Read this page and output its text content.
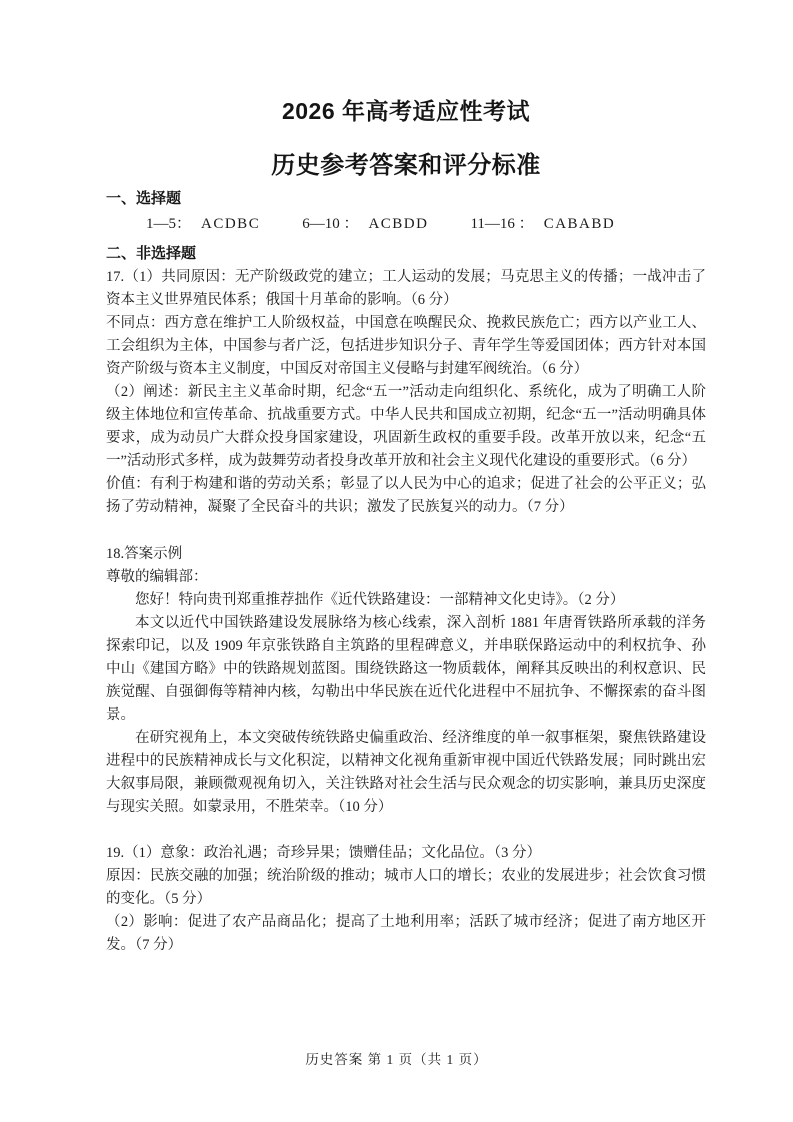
2026 年高考适应性考试
历史参考答案和评分标准
一、选择题
1—5： ACDBC	6—10 ： ACBDD	11—16 ： CABABD
二、非选择题

17.（1）共同原因：无产阶级政党的建立；工人运动的发展；马克思主义的传播；一战冲击了资本主义世界殖民体系；俄国十月革命的影响。（6 分）

不同点：西方意在维护工人阶级权益，中国意在唤醒民众、挽救民族危亡；西方以产业工人、工会组织为主体，中国参与者广泛，包括进步知识分子、青年学生等爱国团体；西方针对本国资产阶级与资本主义制度，中国反对帝国主义侵略与封建军阀统治。（6 分）

（2）阐述：新民主主义革命时期，纪念“五一”活动走向组织化、系统化，成为了明确工人阶级主体地位和宣传革命、抗战重要方式。中华人民共和国成立初期，纪念“五一”活动明确具体要求，成为动员广大群众投身国家建设，巩固新生政权的重要手段。改革开放以来，纪念“五一”活动形式多样，成为鼓舞劳动者投身改革开放和社会主义现代化建设的重要形式。（6 分）

价值：有利于构建和谐的劳动关系；彰显了以人民为中心的追求；促进了社会的公平正义；弘扬了劳动精神，凝聚了全民奋斗的共识；激发了民族复兴的动力。（7 分）

18.答案示例

尊敬的编辑部：

您好！特向贵刊郑重推荐拙作《近代铁路建设：一部精神文化史诗》。（2 分）

本文以近代中国铁路建设发展脉络为核心线索，深入剖析 1881 年唐胥铁路所承载的洋务探索印记，以及 1909 年京张铁路自主筑路的里程碑意义，并串联保路运动中的利权抗争、孙中山《建国方略》中的铁路规划蓝图。围绕铁路这一物质载体，阐释其反映出的利权意识、民族觉醒、自强御侮等精神内核，勾勒出中华民族在近代化进程中不屈抗争、不懈探索的奋斗图景。

在研究视角上，本文突破传统铁路史偏重政治、经济维度的单一叙事框架，聚焦铁路建设进程中的民族精神成长与文化积淀，以精神文化视角重新审视中国近代铁路发展；同时跳出宏大叙事局限，兼顾微观视角切入，关注铁路对社会生活与民众观念的切实影响，兼具历史深度与现实关照。如蒙录用，不胜荣幸。（10 分）

19.（1）意象：政治礼遇；奇珍异果；馈赠佳品；文化品位。（3 分）

原因：民族交融的加强；统治阶级的推动；城市人口的增长；农业的发展进步；社会饮食习惯的变化。（5 分）

（2）影响：促进了农产品商品化；提高了土地利用率；活跃了城市经济；促进了南方地区开发。（7 分）

历史答案 第 1 页（共 1 页）
